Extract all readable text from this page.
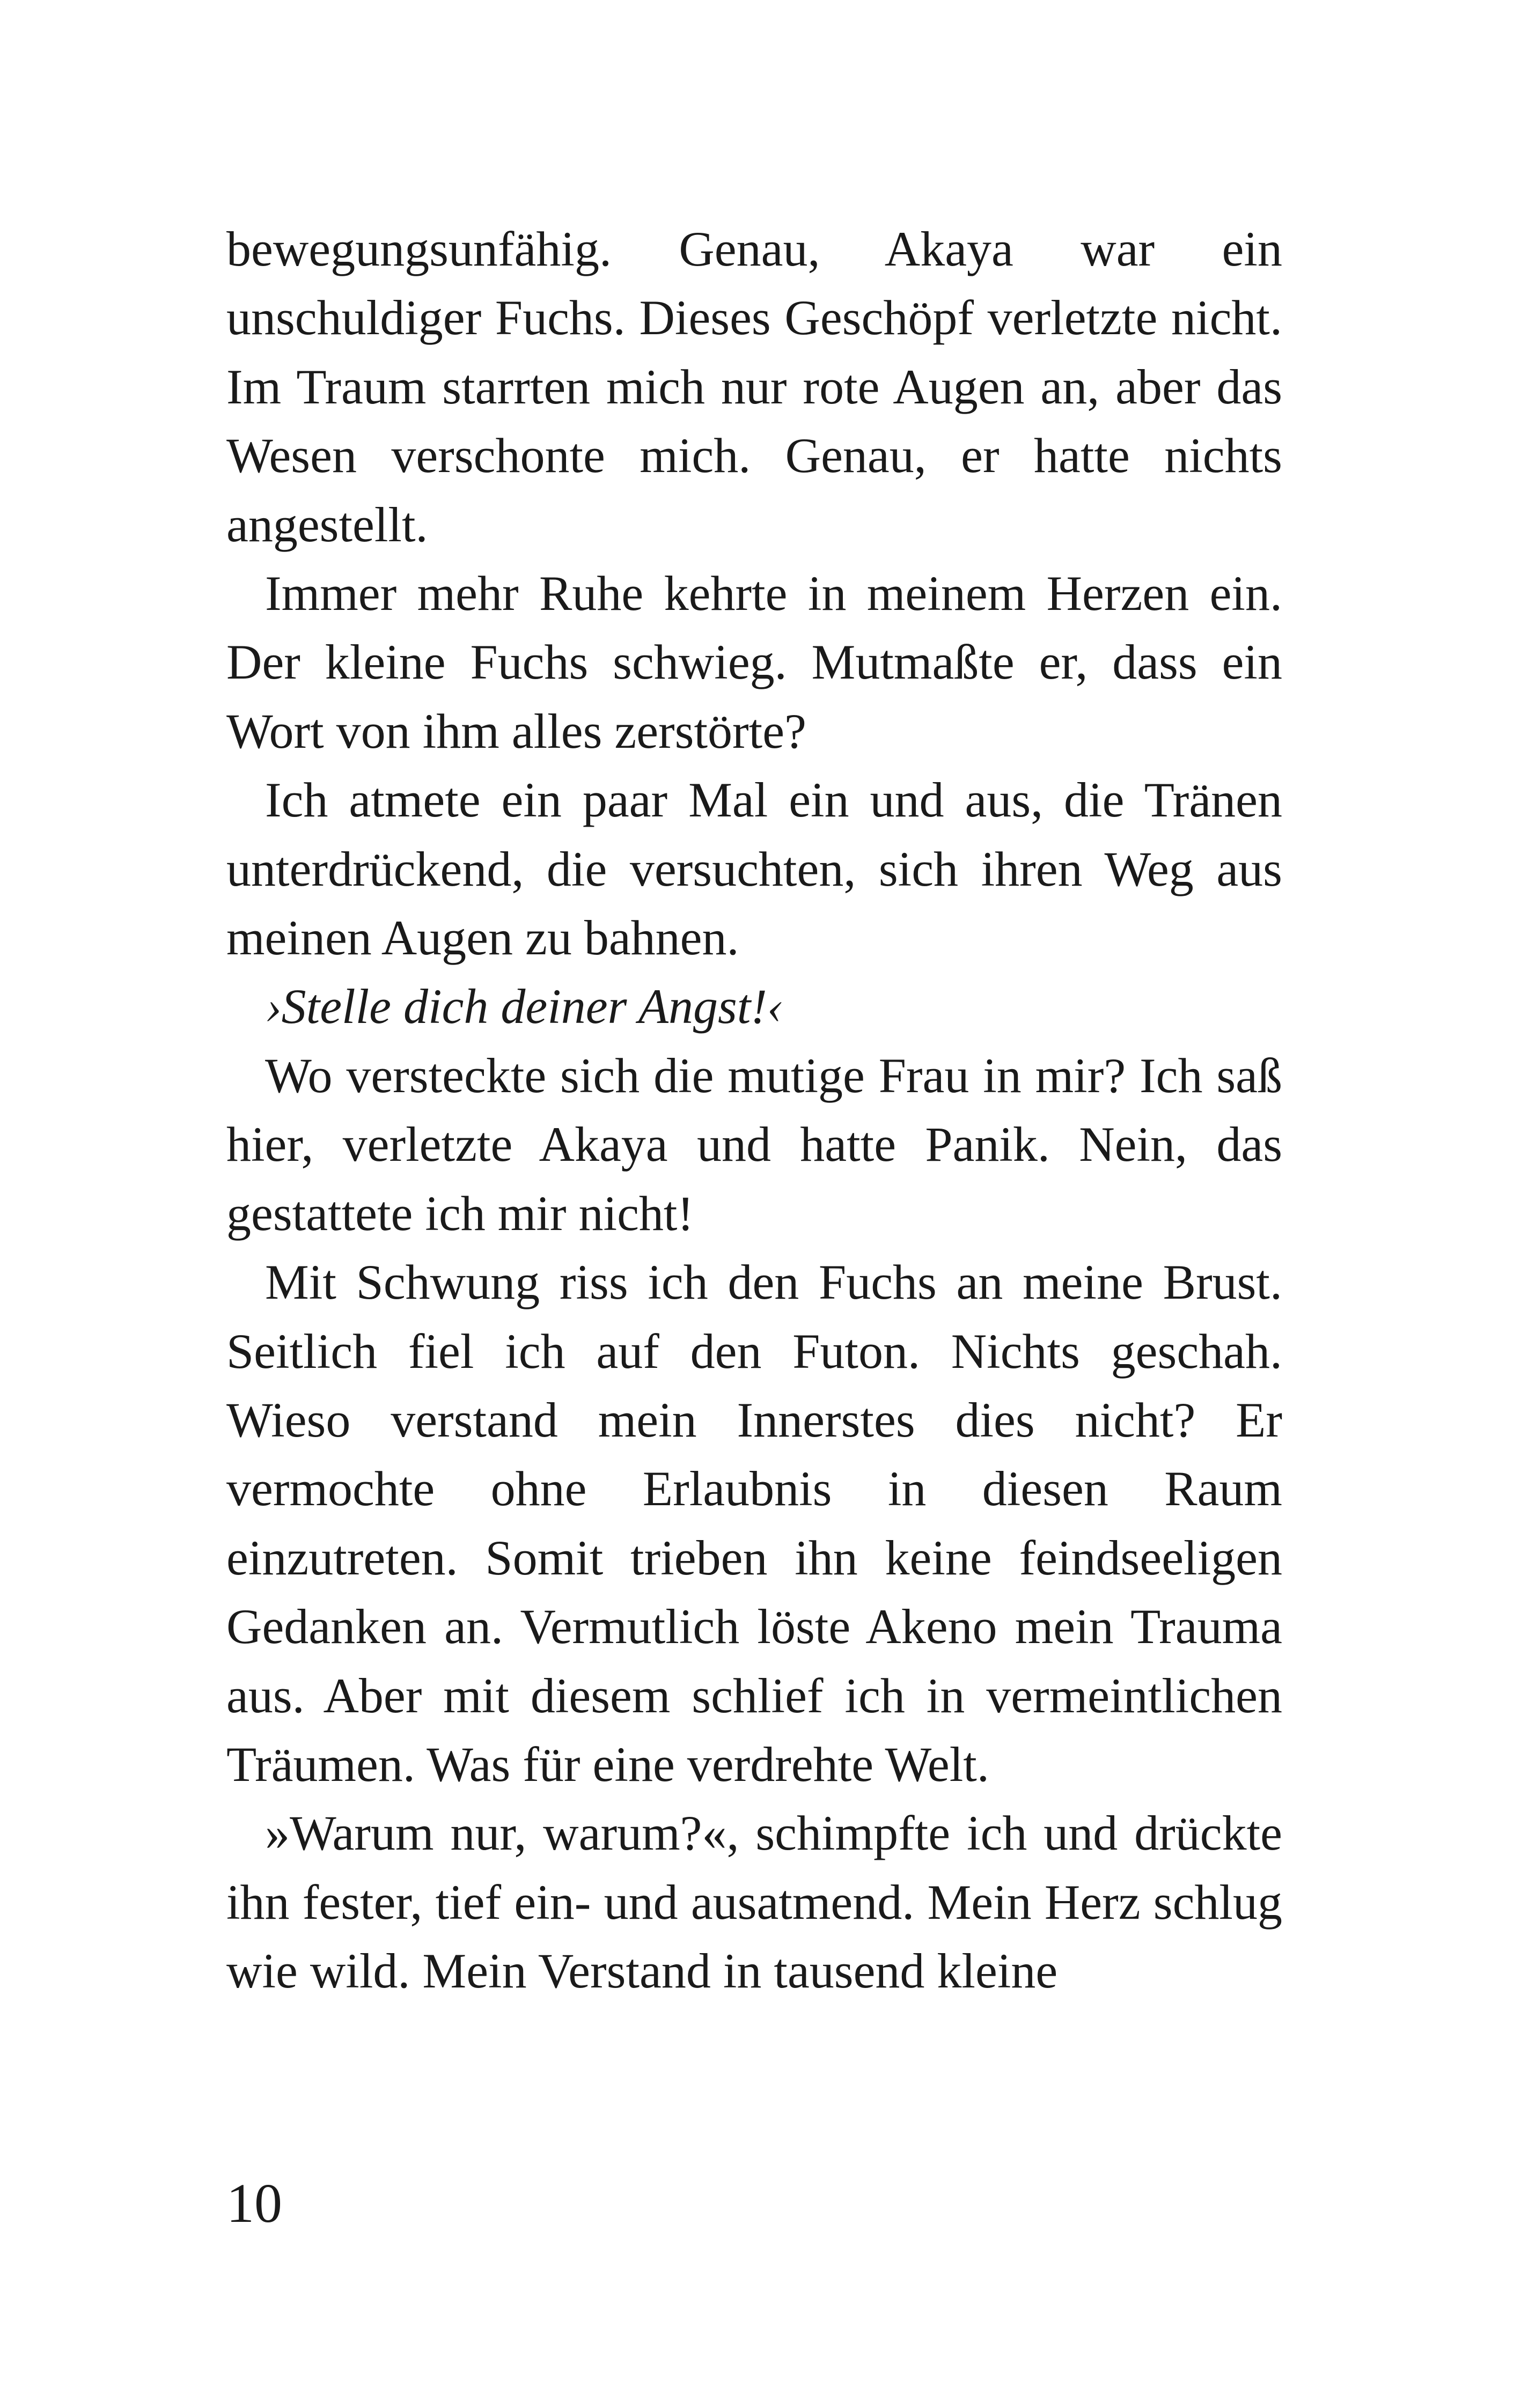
bewegungsunfähig. Genau, Akaya war ein unschuldiger Fuchs. Dieses Geschöpf verletzte nicht. Im Traum starrten mich nur rote Augen an, aber das Wesen verschonte mich. Genau, er hatte nichts angestellt.

Immer mehr Ruhe kehrte in meinem Herzen ein. Der kleine Fuchs schwieg. Mutmaßte er, dass ein Wort von ihm alles zerstörte?

Ich atmete ein paar Mal ein und aus, die Tränen unterdrückend, die versuchten, sich ihren Weg aus meinen Augen zu bahnen.

›Stelle dich deiner Angst!‹

Wo versteckte sich die mutige Frau in mir? Ich saß hier, verletzte Akaya und hatte Panik. Nein, das gestattete ich mir nicht!

Mit Schwung riss ich den Fuchs an meine Brust. Seitlich fiel ich auf den Futon. Nichts geschah. Wieso verstand mein Innerstes dies nicht? Er vermochte ohne Erlaubnis in diesen Raum einzutreten. Somit trieben ihn keine feindseeligen Gedanken an. Vermutlich löste Akeno mein Trauma aus. Aber mit diesem schlief ich in vermeintlichen Träumen. Was für eine verdrehte Welt.

»Warum nur, warum?«, schimpfte ich und drückte ihn fester, tief ein- und ausatmend. Mein Herz schlug wie wild. Mein Verstand in tausend kleine

10
